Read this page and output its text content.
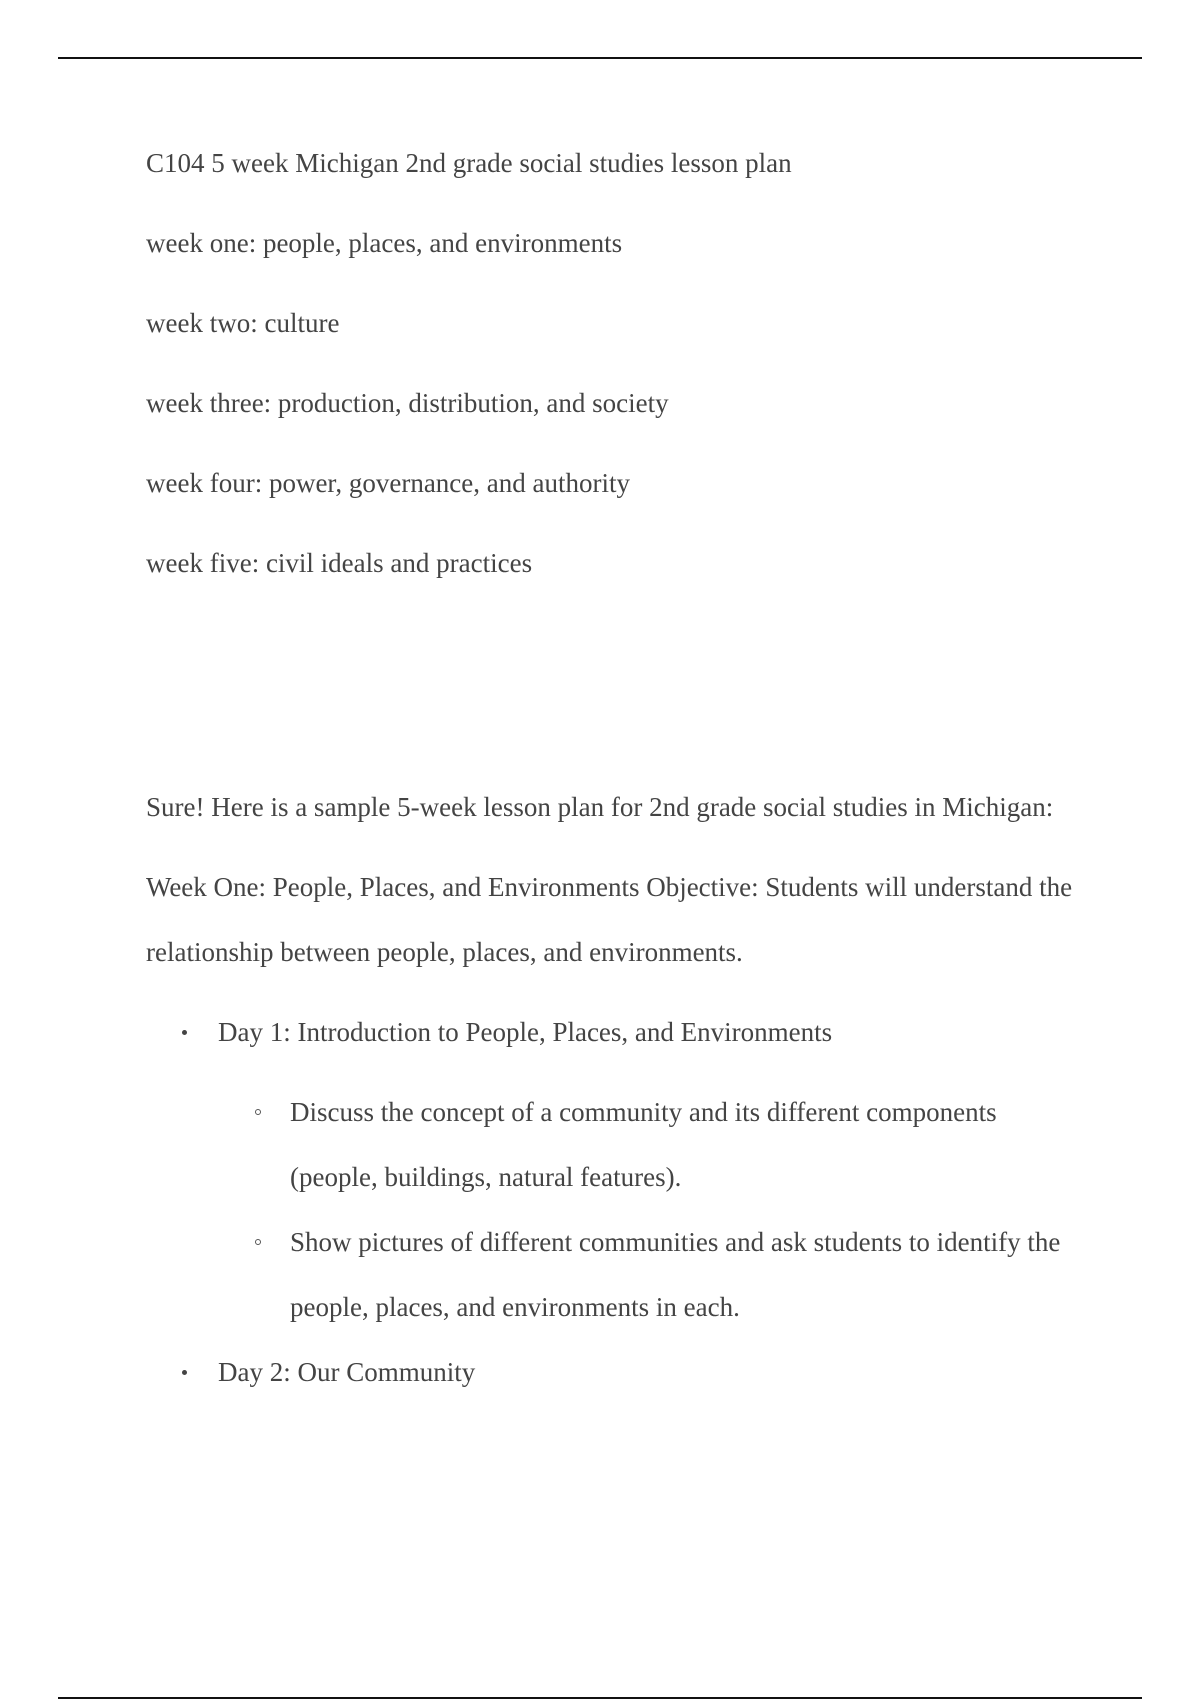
C104 5 week Michigan 2nd grade social studies lesson plan

week one: people, places, and environments

week two: culture

week three: production, distribution, and society

week four: power, governance, and authority

week five: civil ideals and practices

Sure! Here is a sample 5-week lesson plan for 2nd grade social studies in Michigan:

Week One: People, Places, and Environments Objective: Students will understand the relationship between people, places, and environments.

Day 1: Introduction to People, Places, and Environments
Discuss the concept of a community and its different components (people, buildings, natural features).
Show pictures of different communities and ask students to identify the people, places, and environments in each.
Day 2: Our Community
